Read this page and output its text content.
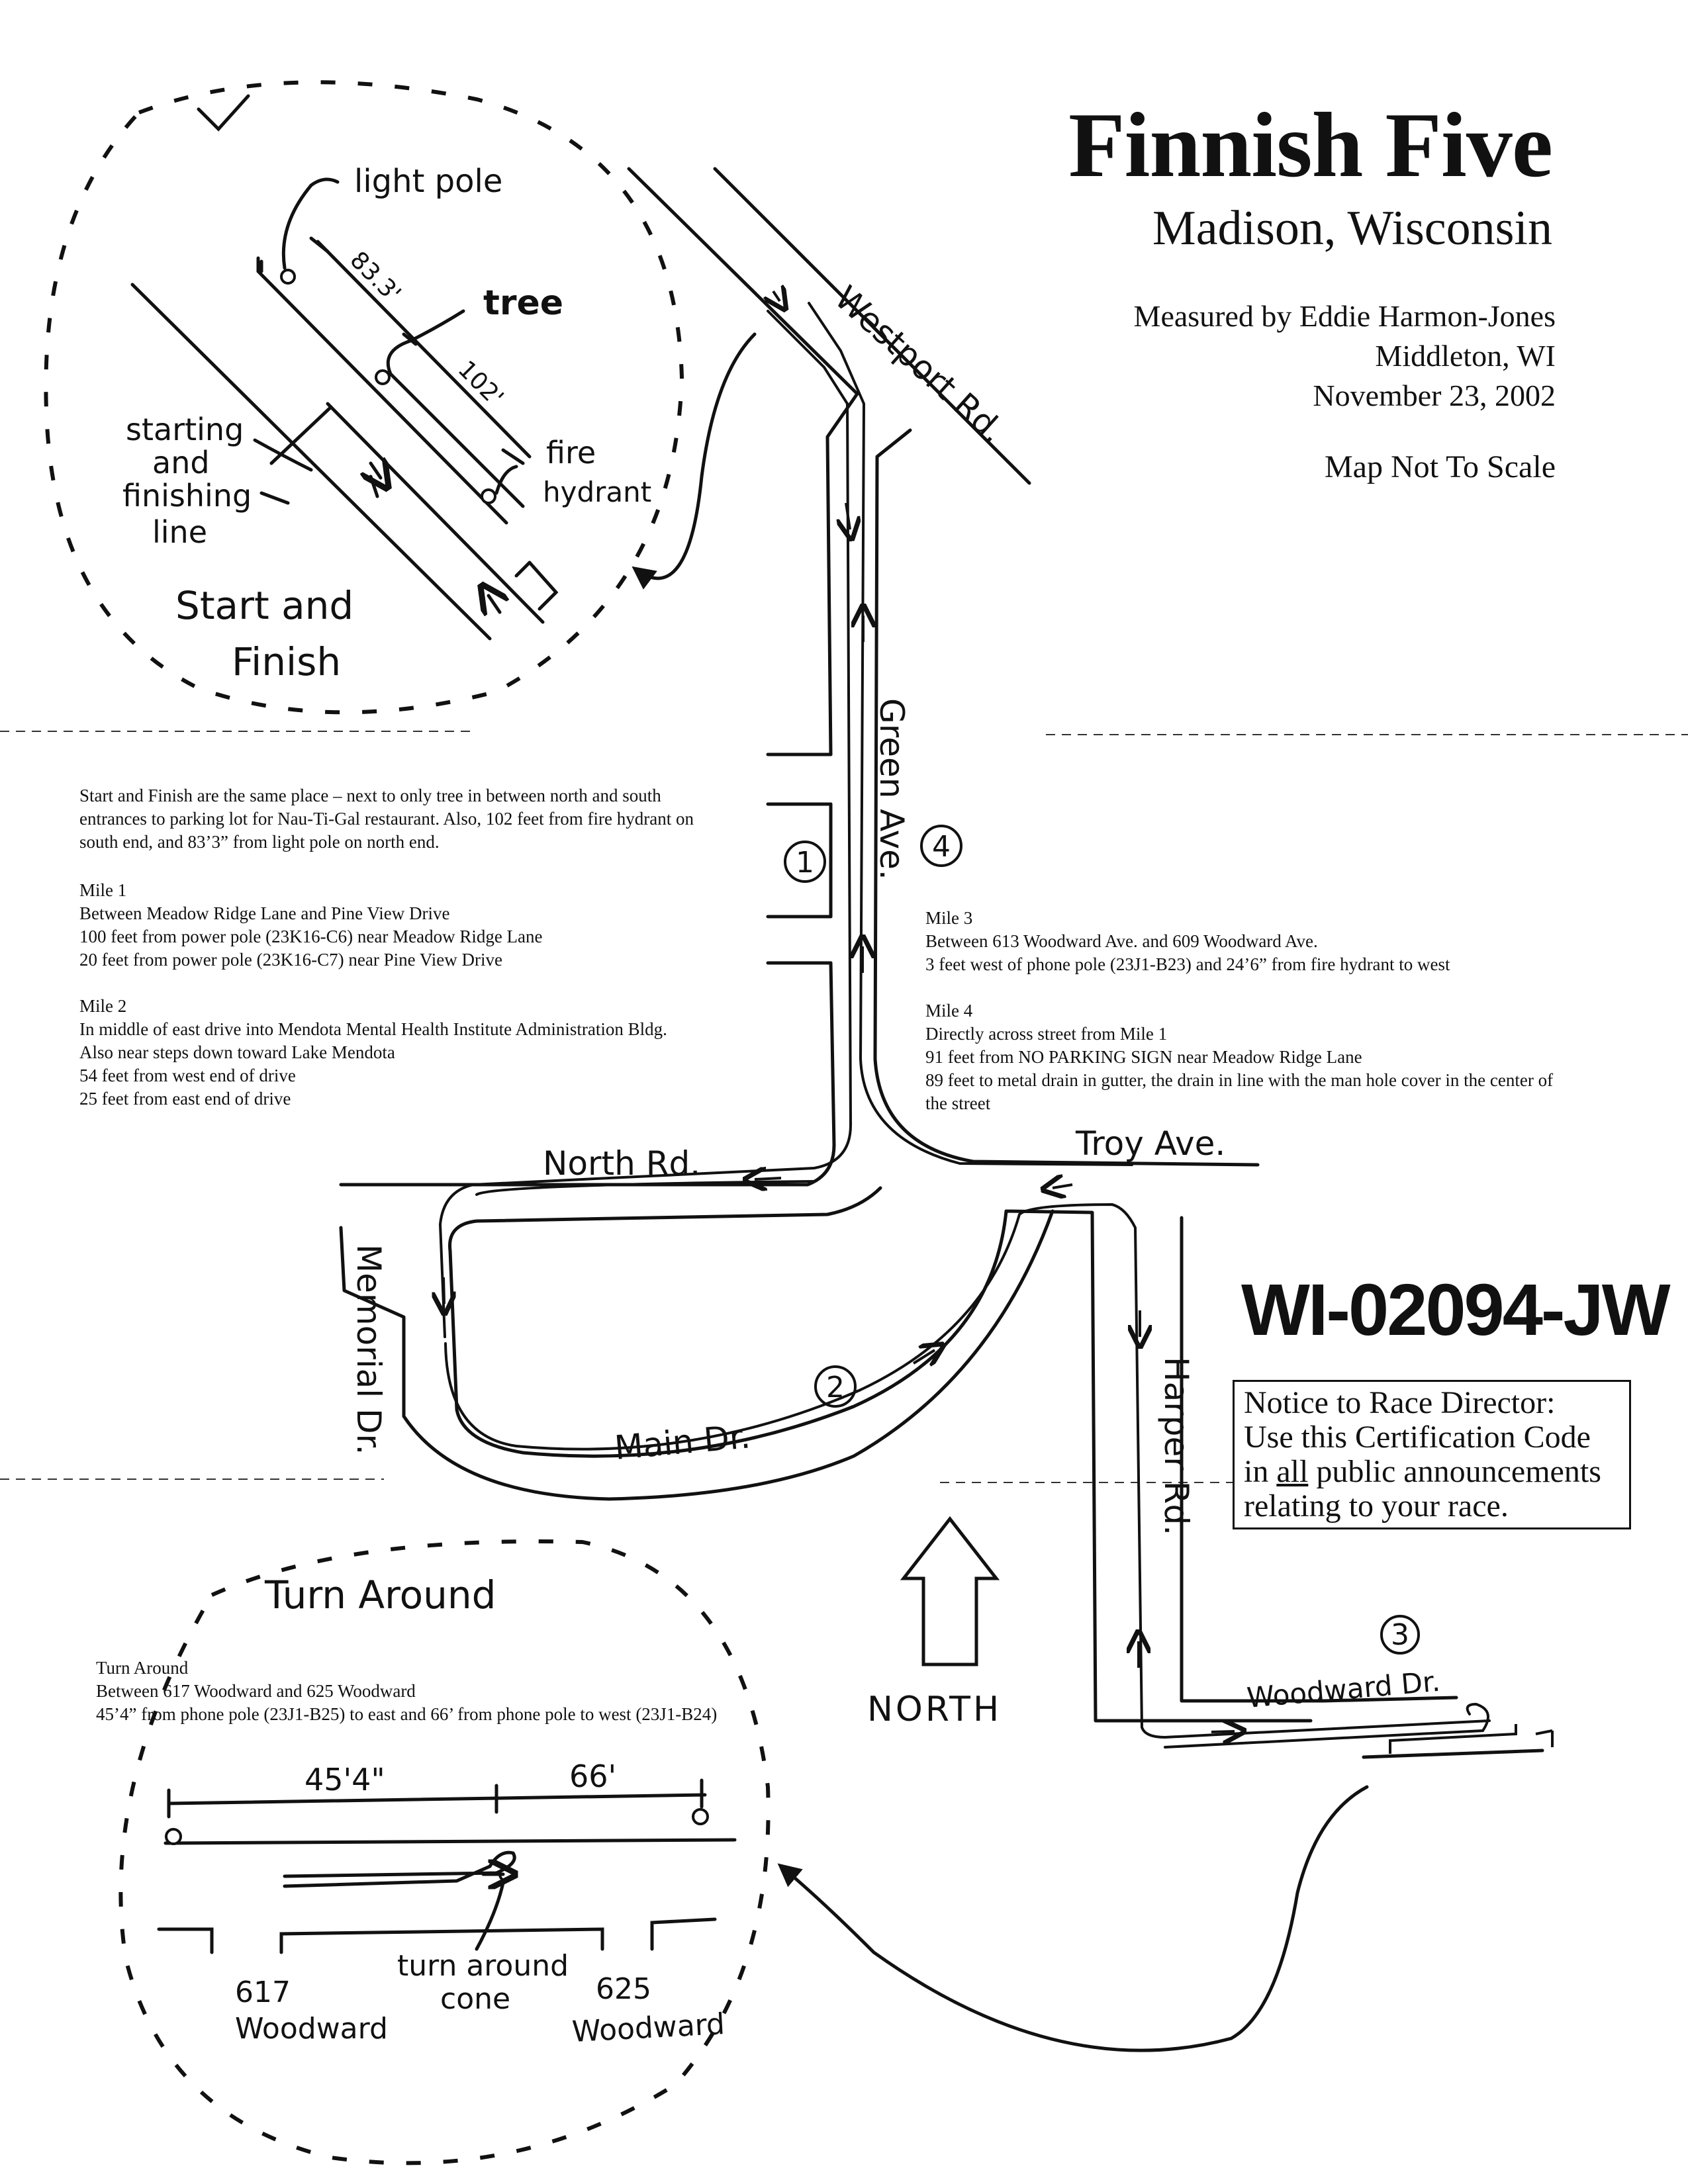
1	4
2
3
Westport Rd.
Green Ave.
North Rd.
Troy Ave.
Memorial Dr.	Main Dr.	Harper Rd.
Woodward Dr.
NORTH
light pole
tree
fire
hydrant
83.3'
102'
starting
and
finishing
line
Start and
Finish
Turn Around
45'4"	66'
turn around
cone
617
Woodward
625
Woodward
Finnish Five
Madison, Wisconsin
Measured by Eddie Harmon-Jones
Middleton, WI
November 23, 2002
Map Not To Scale

Start and Finish are the same place – next to only tree in between north and south
entrances to parking lot for Nau-Ti-Gal restaurant. Also, 102 feet from fire hydrant on
south end, and 83’3” from light pole on north end.

Mile 1
Between Meadow Ridge Lane and Pine View Drive
100 feet from power pole (23K16-C6) near Meadow Ridge Lane
20 feet from power pole (23K16-C7) near Pine View Drive

Mile 2
In middle of east drive into Mendota Mental Health Institute Administration Bldg.
Also near steps down toward Lake Mendota
54 feet from west end of drive
25 feet from east end of drive

Mile 3
Between 613 Woodward Ave. and 609 Woodward Ave.
3 feet west of phone pole (23J1-B23) and 24’6” from fire hydrant to west

Mile 4
Directly across street from Mile 1
91 feet from NO PARKING SIGN near Meadow Ridge Lane
89 feet to metal drain in gutter, the drain in line with the man hole cover in the center of
the street

Turn Around
Between 617 Woodward and 625 Woodward
45’4” from phone pole (23J1-B25) to east and 66’ from phone pole to west (23J1-B24)

WI-02094-JW
Notice to Race Director:
Use this Certification Code
in all public announcements
relating to your race.
